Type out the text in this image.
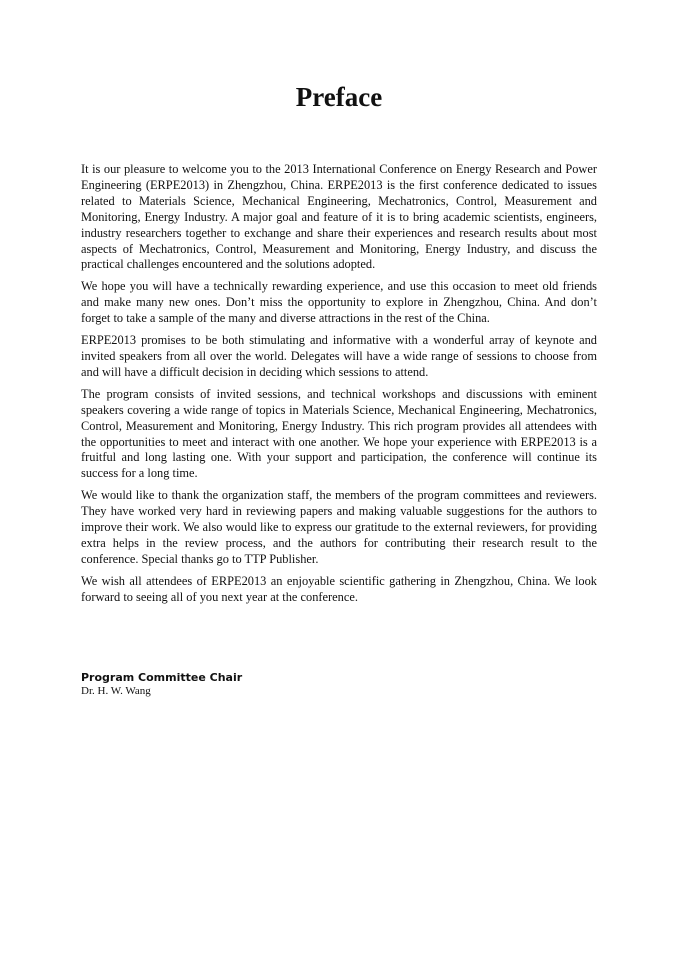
Preface

It is our pleasure to welcome you to the 2013 International Conference on Energy Research and Power Engineering (ERPE2013) in Zhengzhou, China. ERPE2013 is the first conference dedicated to issues related to Materials Science, Mechanical Engineering, Mechatronics, Control, Measurement and Monitoring, Energy Industry. A major goal and feature of it is to bring academic scientists, engineers, industry researchers together to exchange and share their experiences and research results about most aspects of Mechatronics, Control, Measurement and Monitoring, Energy Industry, and discuss the practical challenges encountered and the solutions adopted.

We hope you will have a technically rewarding experience, and use this occasion to meet old friends and make many new ones. Don’t miss the opportunity to explore in Zhengzhou, China. And don’t forget to take a sample of the many and diverse attractions in the rest of the China.

ERPE2013 promises to be both stimulating and informative with a wonderful array of keynote and invited speakers from all over the world. Delegates will have a wide range of sessions to choose from and will have a difficult decision in deciding which sessions to attend.

The program consists of invited sessions, and technical workshops and discussions with eminent speakers covering a wide range of topics in Materials Science, Mechanical Engineering, Mechatronics, Control, Measurement and Monitoring, Energy Industry. This rich program provides all attendees with the opportunities to meet and interact with one another. We hope your experience with ERPE2013 is a fruitful and long lasting one. With your support and participation, the conference will continue its success for a long time.

We would like to thank the organization staff, the members of the program committees and reviewers. They have worked very hard in reviewing papers and making valuable suggestions for the authors to improve their work. We also would like to express our gratitude to the external reviewers, for providing extra helps in the review process, and the authors for contributing their research result to the conference. Special thanks go to TTP Publisher.

We wish all attendees of ERPE2013 an enjoyable scientific gathering in Zhengzhou, China. We look forward to seeing all of you next year at the conference.

Program Committee Chair
Dr. H. W. Wang
